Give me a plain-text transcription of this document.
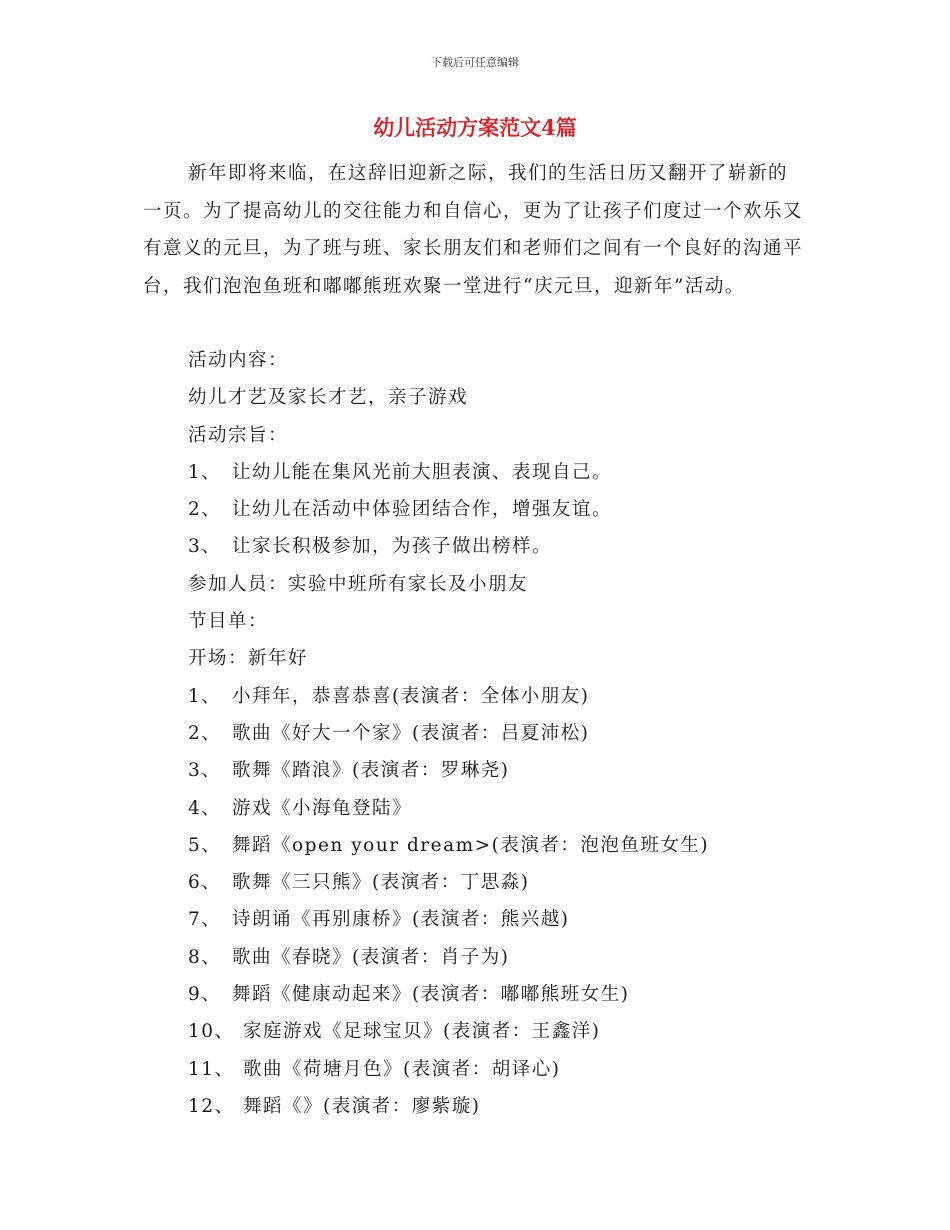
下载后可任意编辑
幼儿活动方案范文4篇

新年即将来临，在这辞旧迎新之际，我们的生活日历又翻开了崭新的一页。为了提高幼儿的交往能力和自信心，更为了让孩子们度过一个欢乐又有意义的元旦，为了班与班、家长朋友们和老师们之间有一个良好的沟通平台，我们泡泡鱼班和嘟嘟熊班欢聚一堂进行“庆元旦，迎新年”活动。

活动内容：
幼儿才艺及家长才艺，亲子游戏
活动宗旨：
1、 让幼儿能在集风光前大胆表演、表现自己。
2、 让幼儿在活动中体验团结合作，增强友谊。
3、 让家长积极参加，为孩子做出榜样。
参加人员：实验中班所有家长及小朋友
节目单：
开场：新年好
1、 小拜年，恭喜恭喜(表演者：全体小朋友)
2、 歌曲《好大一个家》(表演者：吕夏沛松)
3、 歌舞《踏浪》(表演者：罗琳尧)
4、 游戏《小海龟登陆》
5、 舞蹈《open your dream>(表演者：泡泡鱼班女生)
6、 歌舞《三只熊》(表演者：丁思淼)
7、 诗朗诵《再别康桥》(表演者：熊兴越)
8、 歌曲《春晓》(表演者：肖子为)
9、 舞蹈《健康动起来》(表演者：嘟嘟熊班女生)
10、 家庭游戏《足球宝贝》(表演者：王鑫洋)
11、 歌曲《荷塘月色》(表演者：胡译心)
12、 舞蹈《》(表演者：廖紫璇)
